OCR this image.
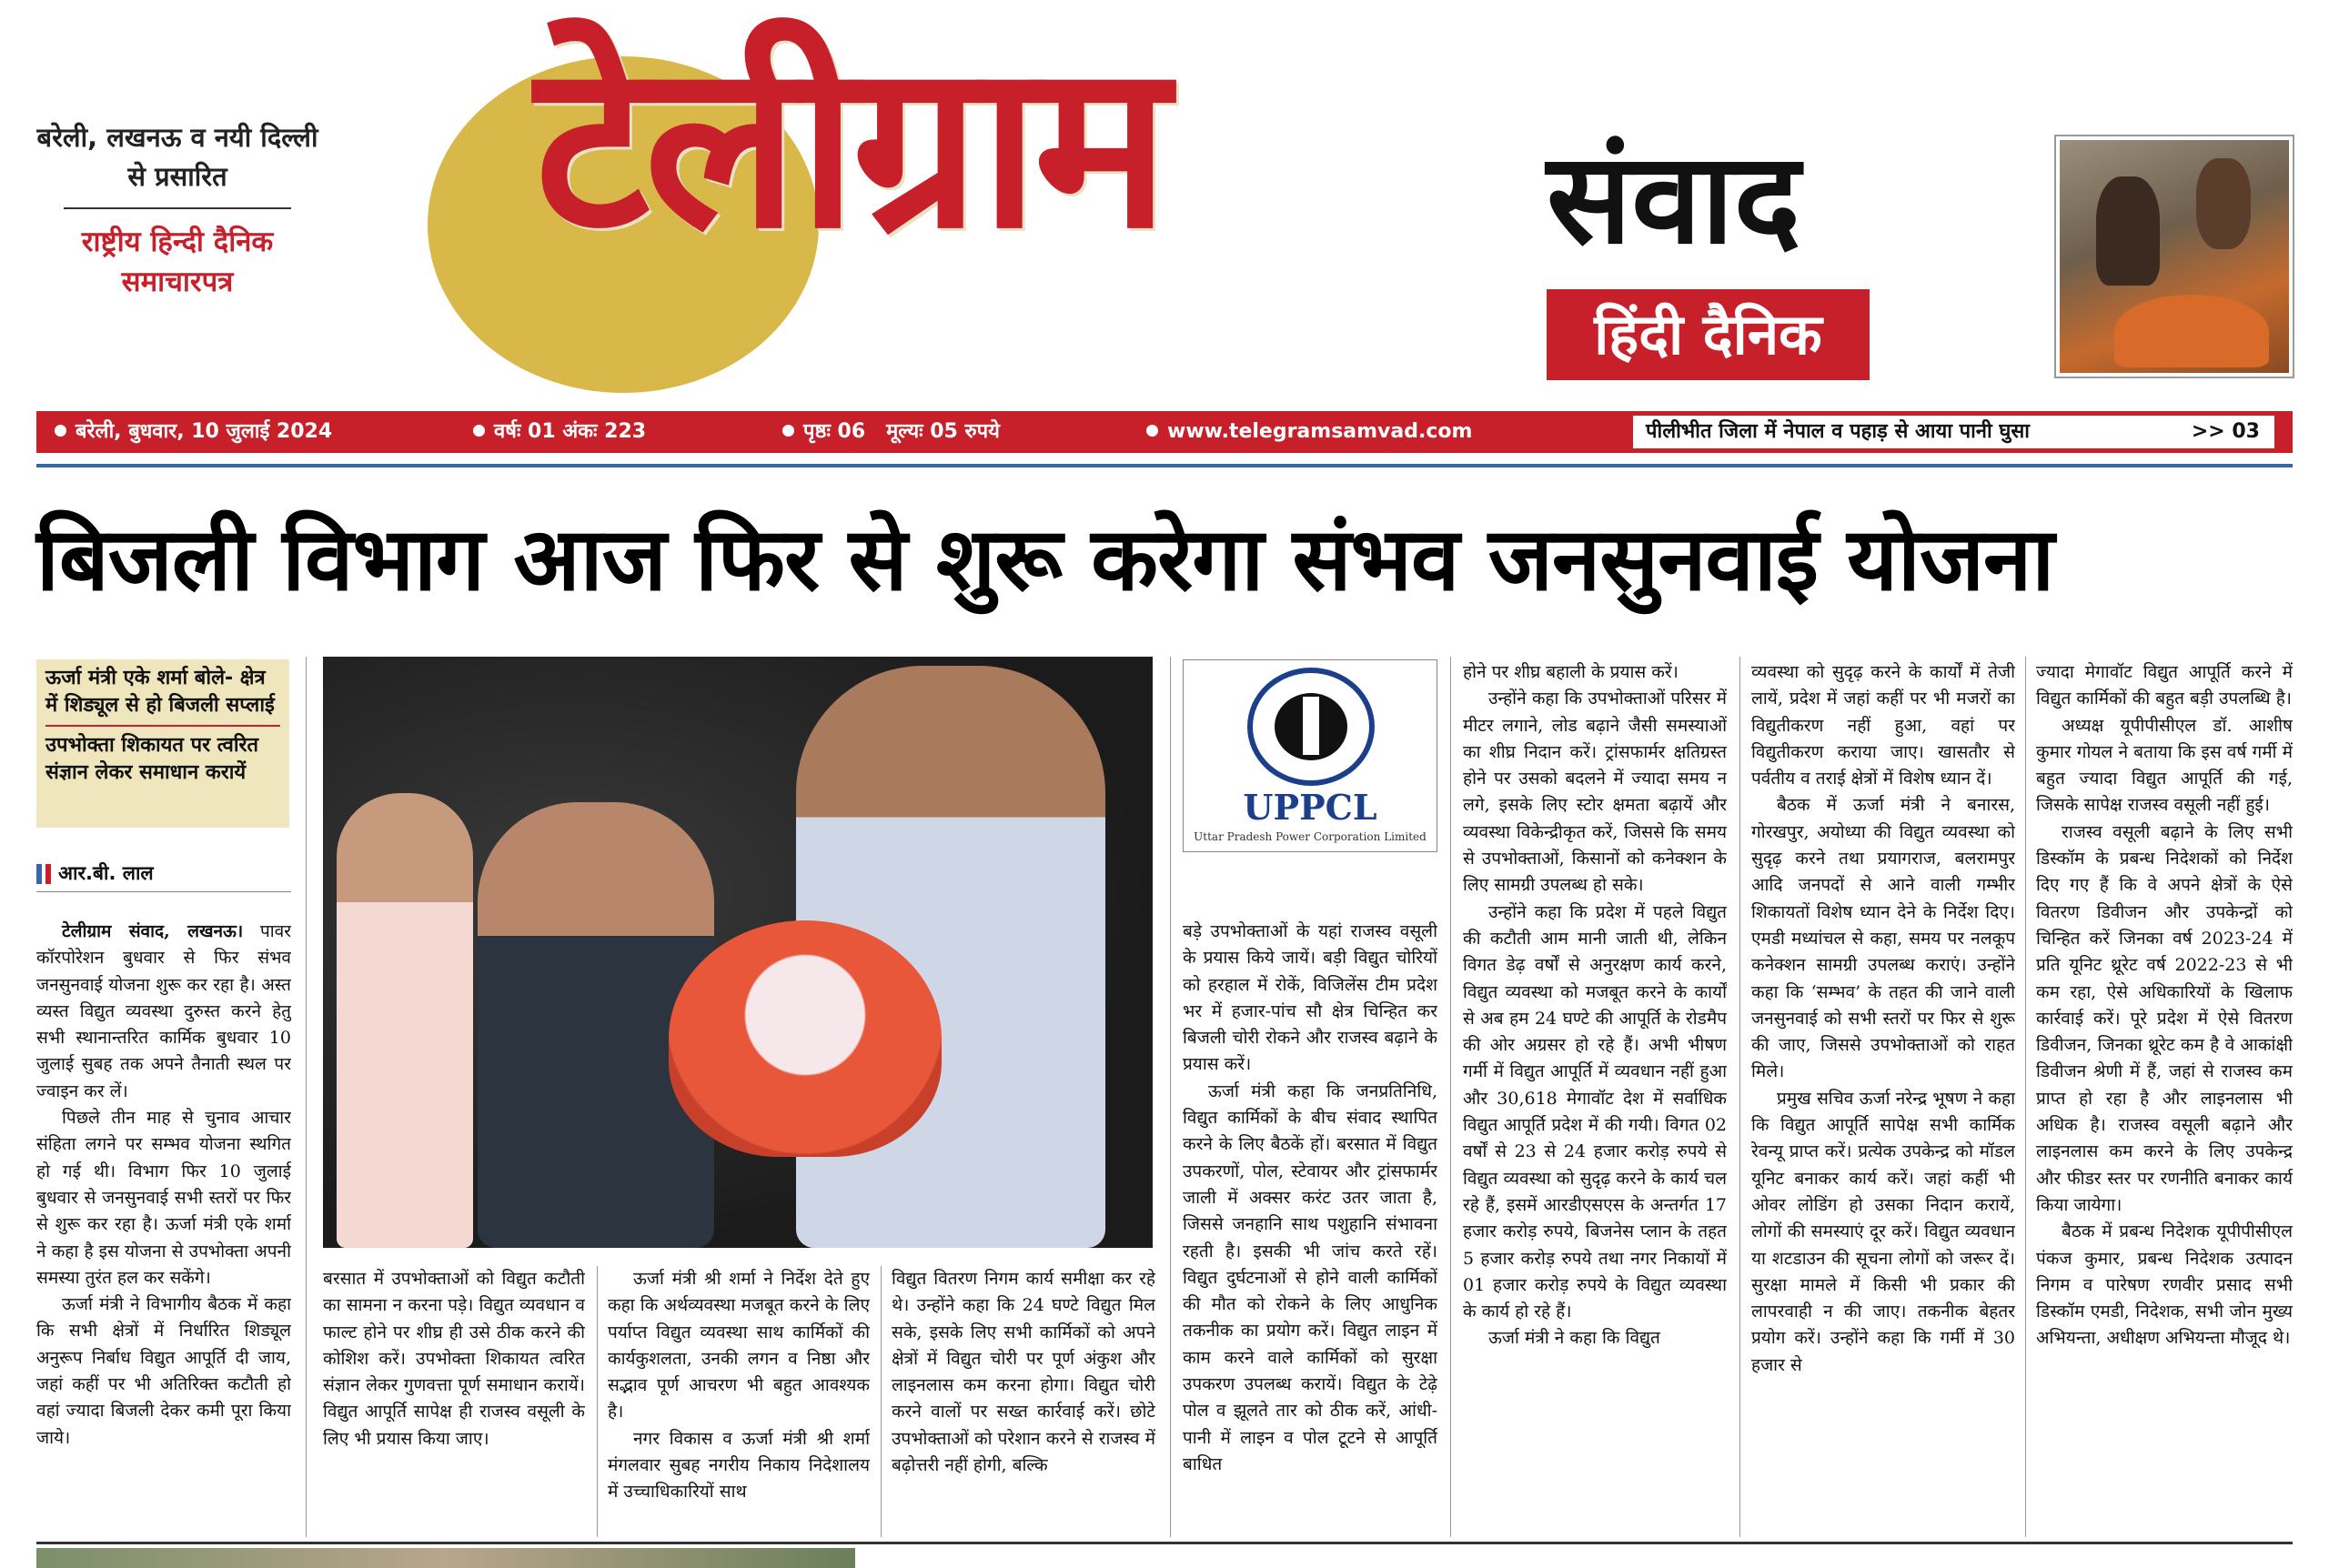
बरेली, लखनऊ व नयी दिल्ली से प्रसारित
राष्ट्रीय हिन्दी दैनिक समाचारपत्र
टेलीग्राम	संवाद
हिंदी दैनिक
बरेली, बुधवार, 10 जुलाई 2024	वर्षः 01 अंकः 223	पृष्ठः 06   मूल्यः 05 रुपये	www.telegramsamvad.com	पीलीभीत जिला में नेपाल व पहाड़ से आया पानी घुसा	>> 03
बिजली विभाग आज फिर से शुरू करेगा संभव जनसुनवाई योजना
ऊर्जा मंत्री एके शर्मा बोले- क्षेत्र में शिड्यूल से हो बिजली सप्लाई
उपभोक्ता शिकायत पर त्वरित संज्ञान लेकर समाधान करायें
आर.बी. लाल
UPPCL
Uttar Pradesh Power Corporation Limited

टेलीग्राम संवाद, लखनऊ। पावर कॉरपोरेशन बुधवार से फिर संभव जनसुनवाई योजना शुरू कर रहा है। अस्त व्यस्त विद्युत व्यवस्था दुरुस्त करने हेतु सभी स्थानान्तरित कार्मिक बुधवार 10 जुलाई सुबह तक अपने तैनाती स्थल पर ज्वाइन कर लें।

पिछले तीन माह से चुनाव आचार संहिता लगने पर सम्भव योजना स्थगित हो गई थी। विभाग फिर 10 जुलाई बुधवार से जनसुनवाई सभी स्तरों पर फिर से शुरू कर रहा है। ऊर्जा मंत्री एके शर्मा ने कहा है इस योजना से उपभोक्ता अपनी समस्या तुरंत हल कर सकेंगे।

ऊर्जा मंत्री ने विभागीय बैठक में कहा कि सभी क्षेत्रों में निर्धारित शिड्यूल अनुरूप निर्बाध विद्युत आपूर्ति दी जाय, जहां कहीं पर भी अतिरिक्त कटौती हो वहां ज्यादा बिजली देकर कमी पूरा किया जाये।

बरसात में उपभोक्ताओं को विद्युत कटौती का सामना न करना पड़े। विद्युत व्यवधान व फाल्ट होने पर शीघ्र ही उसे ठीक करने की कोशिश करें। उपभोक्ता शिकायत त्वरित संज्ञान लेकर गुणवत्ता पूर्ण समाधान करायें। विद्युत आपूर्ति सापेक्ष ही राजस्व वसूली के लिए भी प्रयास किया जाए।

ऊर्जा मंत्री श्री शर्मा ने निर्देश देते हुए कहा कि अर्थव्यवस्था मजबूत करने के लिए पर्याप्त विद्युत व्यवस्था साथ कार्मिकों की कार्यकुशलता, उनकी लगन व निष्ठा और सद्भाव पूर्ण आचरण भी बहुत आवश्यक है।

नगर विकास व ऊर्जा मंत्री श्री शर्मा मंगलवार सुबह नगरीय निकाय निदेशालय में उच्चाधिकारियों साथ

विद्युत वितरण निगम कार्य समीक्षा कर रहे थे। उन्होंने कहा कि 24 घण्टे विद्युत मिल सके, इसके लिए सभी कार्मिकों को अपने क्षेत्रों में विद्युत चोरी पर पूर्ण अंकुश और लाइनलास कम करना होगा। विद्युत चोरी करने वालों पर सख्त कार्रवाई करें। छोटे उपभोक्ताओं को परेशान करने से राजस्व में बढ़ोत्तरी नहीं होगी, बल्कि

बड़े उपभोक्ताओं के यहां राजस्व वसूली के प्रयास किये जायें। बड़ी विद्युत चोरियों को हरहाल में रोकें, विजिलेंस टीम प्रदेश भर में हजार-पांच सौ क्षेत्र चिन्हित कर बिजली चोरी रोकने और राजस्व बढ़ाने के प्रयास करें।

ऊर्जा मंत्री कहा कि जनप्रतिनिधि, विद्युत कार्मिकों के बीच संवाद स्थापित करने के लिए बैठकें हों। बरसात में विद्युत उपकरणों, पोल, स्टेवायर और ट्रांसफार्मर जाली में अक्सर करंट उतर जाता है, जिससे जनहानि साथ पशुहानि संभावना रहती है। इसकी भी जांच करते रहें। विद्युत दुर्घटनाओं से होने वाली कार्मिकों की मौत को रोकने के लिए आधुनिक तकनीक का प्रयोग करें। विद्युत लाइन में काम करने वाले कार्मिकों को सुरक्षा उपकरण उपलब्ध करायें। विद्युत के टेढ़े पोल व झूलते तार को ठीक करें, आंधी-पानी में लाइन व पोल टूटने से आपूर्ति बाधित

होने पर शीघ्र बहाली के प्रयास करें।

उन्होंने कहा कि उपभोक्ताओं परिसर में मीटर लगाने, लोड बढ़ाने जैसी समस्याओं का शीघ्र निदान करें। ट्रांसफार्मर क्षतिग्रस्त होने पर उसको बदलने में ज्यादा समय न लगे, इसके लिए स्टोर क्षमता बढ़ायें और व्यवस्था विकेन्द्रीकृत करें, जिससे कि समय से उपभोक्ताओं, किसानों को कनेक्शन के लिए सामग्री उपलब्ध हो सके।

उन्होंने कहा कि प्रदेश में पहले विद्युत की कटौती आम मानी जाती थी, लेकिन विगत डेढ़ वर्षों से अनुरक्षण कार्य करने, विद्युत व्यवस्था को मजबूत करने के कार्यों से अब हम 24 घण्टे की आपूर्ति के रोडमैप की ओर अग्रसर हो रहे हैं। अभी भीषण गर्मी में विद्युत आपूर्ति में व्यवधान नहीं हुआ और 30,618 मेगावॉट देश में सर्वाधिक विद्युत आपूर्ति प्रदेश में की गयी। विगत 02 वर्षों से 23 से 24 हजार करोड़ रुपये से विद्युत व्यवस्था को सुदृढ़ करने के कार्य चल रहे हैं, इसमें आरडीएसएस के अन्तर्गत 17 हजार करोड़ रुपये, बिजनेस प्लान के तहत 5 हजार करोड़ रुपये तथा नगर निकायों में 01 हजार करोड़ रुपये के विद्युत व्यवस्था के कार्य हो रहे हैं।

ऊर्जा मंत्री ने कहा कि विद्युत

व्यवस्था को सुदृढ़ करने के कार्यों में तेजी लायें, प्रदेश में जहां कहीं पर भी मजरों का विद्युतीकरण नहीं हुआ, वहां पर विद्युतीकरण कराया जाए। खासतौर से पर्वतीय व तराई क्षेत्रों में विशेष ध्यान दें।

बैठक में ऊर्जा मंत्री ने बनारस, गोरखपुर, अयोध्या की विद्युत व्यवस्था को सुदृढ़ करने तथा प्रयागराज, बलरामपुर आदि जनपदों से आने वाली गम्भीर शिकायतों विशेष ध्यान देने के निर्देश दिए। एमडी मध्यांचल से कहा, समय पर नलकूप कनेक्शन सामग्री उपलब्ध कराएं। उन्होंने कहा कि ‘सम्भव’ के तहत की जाने वाली जनसुनवाई को सभी स्तरों पर फिर से शुरू की जाए, जिससे उपभोक्ताओं को राहत मिले।

प्रमुख सचिव ऊर्जा नरेन्द्र भूषण ने कहा कि विद्युत आपूर्ति सापेक्ष सभी कार्मिक रेवन्यू प्राप्त करें। प्रत्येक उपकेन्द्र को मॉडल यूनिट बनाकर कार्य करें। जहां कहीं भी ओवर लोडिंग हो उसका निदान करायें, लोगों की समस्याएं दूर करें। विद्युत व्यवधान या शटडाउन की सूचना लोगों को जरूर दें। सुरक्षा मामले में किसी भी प्रकार की लापरवाही न की जाए। तकनीक बेहतर प्रयोग करें। उन्होंने कहा कि गर्मी में 30 हजार से

ज्यादा मेगावॉट विद्युत आपूर्ति करने में विद्युत कार्मिकों की बहुत बड़ी उपलब्धि है।

अध्यक्ष यूपीपीसीएल डॉ. आशीष कुमार गोयल ने बताया कि इस वर्ष गर्मी में बहुत ज्यादा विद्युत आपूर्ति की गई, जिसके सापेक्ष राजस्व वसूली नहीं हुई।

राजस्व वसूली बढ़ाने के लिए सभी डिस्कॉम के प्रबन्ध निदेशकों को निर्देश दिए गए हैं कि वे अपने क्षेत्रों के ऐसे वितरण डिवीजन और उपकेन्द्रों को चिन्हित करें जिनका वर्ष 2023-24 में प्रति यूनिट थ्रूरेट वर्ष 2022-23 से भी कम रहा, ऐसे अधिकारियों के खिलाफ कार्रवाई करें। पूरे प्रदेश में ऐसे वितरण डिवीजन, जिनका थ्रूरेट कम है वे आकांक्षी डिवीजन श्रेणी में हैं, जहां से राजस्व कम प्राप्त हो रहा है और लाइनलास भी अधिक है। राजस्व वसूली बढ़ाने और लाइनलास कम करने के लिए उपकेन्द्र और फीडर स्तर पर रणनीति बनाकर कार्य किया जायेगा।

बैठक में प्रबन्ध निदेशक यूपीपीसीएल पंकज कुमार, प्रबन्ध निदेशक उत्पादन निगम व पारेषण रणवीर प्रसाद सभी डिस्कॉम एमडी, निदेशक, सभी जोन मुख्य अभियन्ता, अधीक्षण अभियन्ता मौजूद थे।
